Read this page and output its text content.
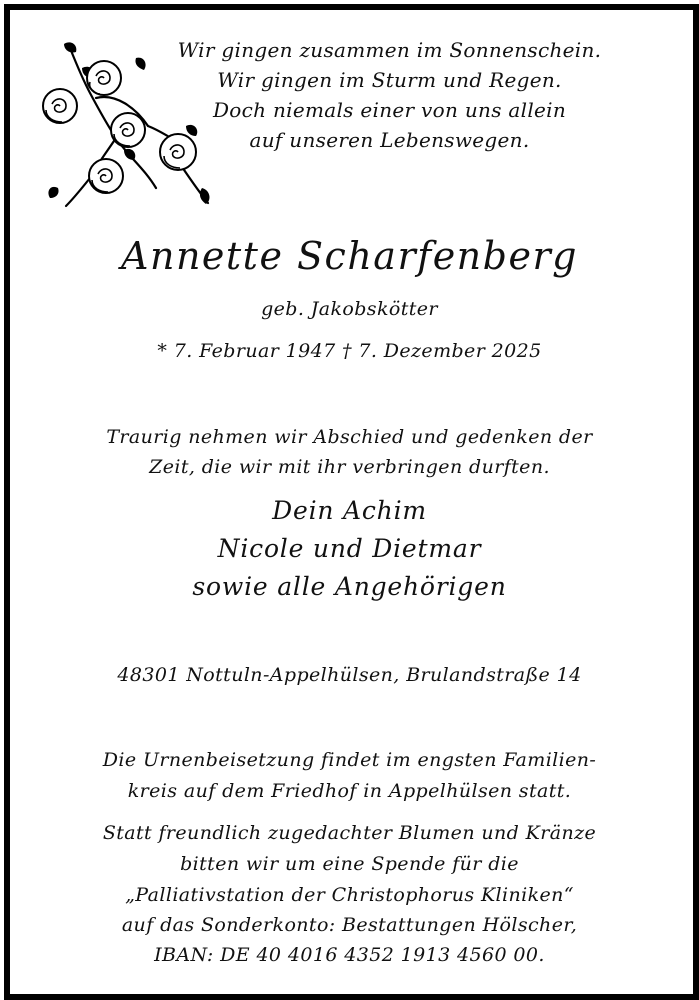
Wir gingen zusammen im Sonnenschein.
Wir gingen im Sturm und Regen.
Doch niemals einer von uns allein
auf unseren Lebenswegen.
Annette Scharfenberg
geb. Jakobskötter
* 7. Februar 1947 † 7. Dezember 2025
Traurig nehmen wir Abschied und gedenken der
Zeit, die wir mit ihr verbringen durften.
Dein Achim
Nicole und Dietmar
sowie alle Angehörigen
48301 Nottuln-Appelhülsen, Brulandstraße 14
Die Urnenbeisetzung findet im engsten Familien-
kreis auf dem Friedhof in Appelhülsen statt.
Statt freundlich zugedachter Blumen und Kränze
bitten wir um eine Spende für die
„Palliativstation der Christophorus Kliniken“
auf das Sonderkonto: Bestattungen Hölscher,
IBAN: DE 40 4016 4352 1913 4560 00.
